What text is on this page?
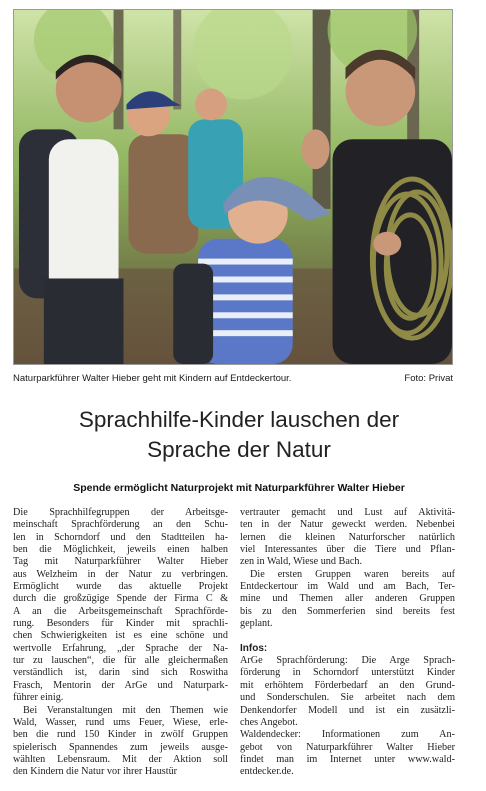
Naturparkführer Walter Hieber geht mit Kindern auf Entdeckertour.	Foto: Privat
Sprachhilfe-Kinder lauschen der
Sprache der Natur

Spende ermöglicht Naturprojekt mit Naturparkführer Walter Hieber

Die Sprachhilfegruppen der Arbeitsge-
meinschaft Sprachförderung an den Schu-
len in Schorndorf und den Stadtteilen ha-
ben die Möglichkeit, jeweils einen halben
Tag mit Naturparkführer Walter Hieber
aus Welzheim in der Natur zu verbringen.
Ermöglicht wurde das aktuelle Projekt
durch die großzügige Spende der Firma C &
A an die Arbeitsgemeinschaft Sprachförde-
rung. Besonders für Kinder mit sprachli-
chen Schwierigkeiten ist es eine schöne und
wertvolle Erfahrung, „der Sprache der Na-
tur zu lauschen“, die für alle gleichermaßen
verständlich ist, darin sind sich Roswitha
Frasch, Mentorin der ArGe und Naturpark-
führer einig.
Bei Veranstaltungen mit den Themen wie
Wald, Wasser, rund ums Feuer, Wiese, erle-
ben die rund 150 Kinder in zwölf Gruppen
spielerisch Spannendes zum jeweils ausge-
wählten Lebensraum. Mit der Aktion soll
den Kindern die Natur vor ihrer Haustür
vertrauter gemacht und Lust auf Aktivitä-
ten in der Natur geweckt werden. Nebenbei
lernen die kleinen Naturforscher natürlich
viel Interessantes über die Tiere und Pflan-
zen in Wald, Wiese und Bach.
Die ersten Gruppen waren bereits auf
Entdeckertour im Wald und am Bach, Ter-
mine und Themen aller anderen Gruppen
bis zu den Sommerferien sind bereits fest
geplant.
Infos:
ArGe Sprachförderung: Die Arge Sprach-
förderung in Schorndorf unterstützt Kinder
mit erhöhtem Förderbedarf an den Grund-
und Sonderschulen. Sie arbeitet nach dem
Denkendorfer Modell und ist ein zusätzli-
ches Angebot.
Waldendecker: Informationen zum An-
gebot von Naturparkführer Walter Hieber
findet man im Internet unter www.wald-
entdecker.de.
